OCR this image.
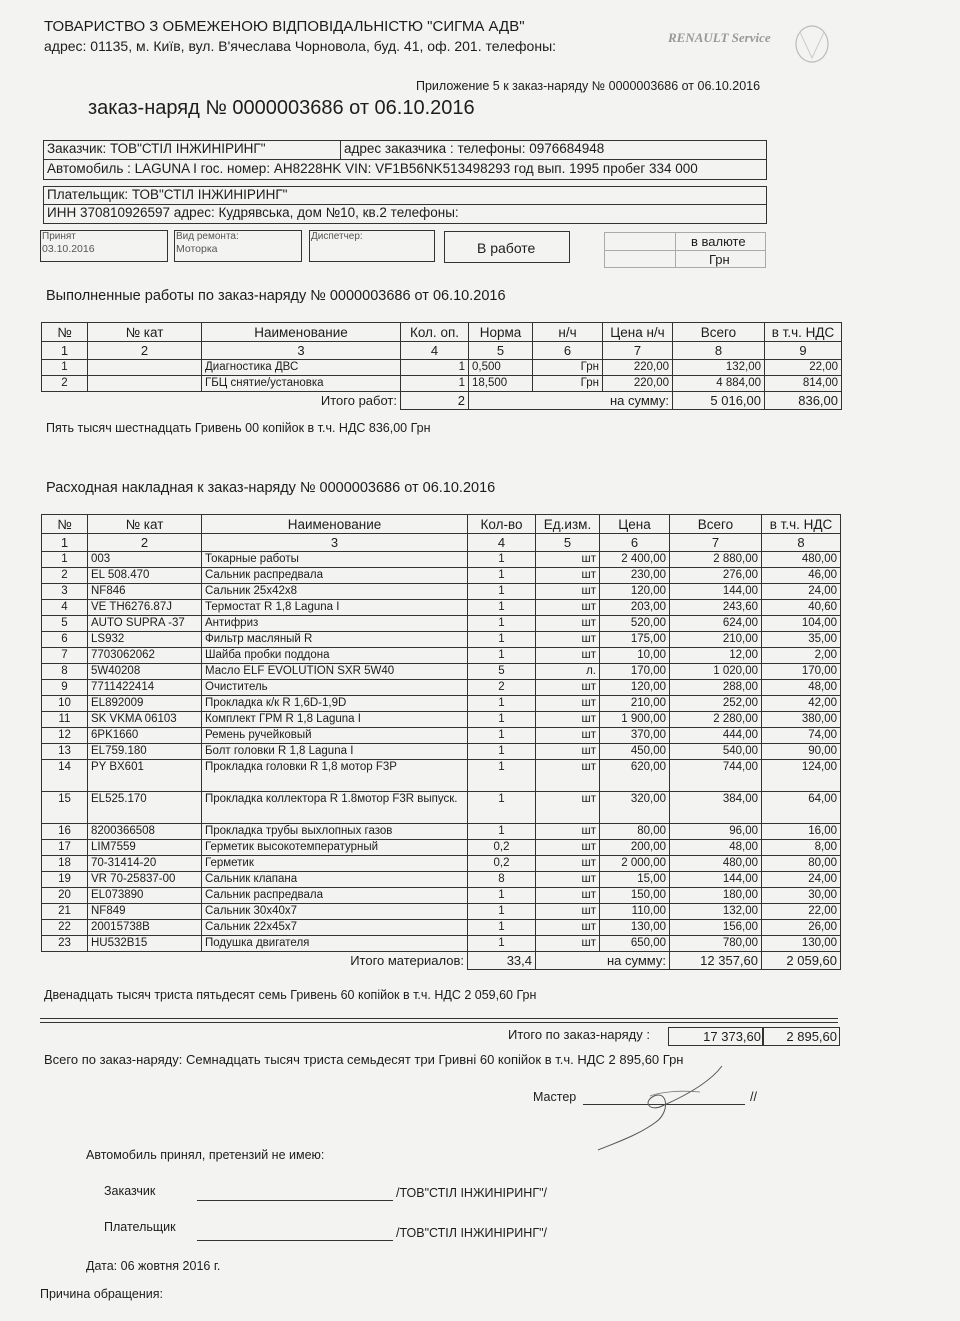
ТОВАРИСТВО З ОБМЕЖЕНОЮ ВІДПОВІДАЛЬНІСТЮ "СИГМА АДВ"
адрес: 01135, м. Київ, вул. В'ячеслава Чорновола, буд. 41, оф. 201. телефоны:
RENAULT Service
Приложение 5 к заказ-наряду № 0000003686 от 06.10.2016
заказ-наряд № 0000003686 от 06.10.2016
Заказчик: ТОВ"СТІЛ ІНЖИНІРИНГ"	адрес заказчика : телефоны: 0976684948
Автомобиль : LAGUNA I гос. номер: AH8228HK VIN: VF1B56NK513498293 год вып. 1995 пробег 334 000
Плательщик: ТОВ"СТІЛ ІНЖИНІРИНГ"
ИНН 370810926597 адрес: Кудрявська, дом №10, кв.2 телефоны:
Принят
03.10.2016
Вид ремонта:
Моторка
Диспетчер:
В работе	в валюте
Грн
Выполненные работы по заказ-наряду № 0000003686 от 06.10.2016
№	№ кат	Наименование	Кол. оп.	Норма	н/ч	Цена н/ч	Всего	в т.ч. НДС
1	2	3	4	5	6	7	8	9
1		Диагностика ДВС	1	0,500	Грн	220,00	132,00	22,00
2		ГБЦ снятие/установка	1	18,500	Грн	220,00	4 884,00	814,00
		Итого работ:	2	на сумму:			5 016,00	836,00
Пять тысяч шестнадцать Гривень 00 копійок в т.ч. НДС 836,00 Грн
Расходная накладная к заказ-наряду № 0000003686 от 06.10.2016
№	№ кат	Наименование	Кол-во	Ед.изм.	Цена	Всего	в т.ч. НДС
1	2	3	4	5	6	7	8
1	003	Токарные работы	1	шт	2 400,00	2 880,00	480,00
2	EL 508.470	Сальник распредвала	1	шт	230,00	276,00	46,00
3	NF846	Сальник 25x42x8	1	шт	120,00	144,00	24,00
4	VE TH6276.87J	Термостат R 1,8 Laguna I	1	шт	203,00	243,60	40,60
5	AUTO SUPRA -37	Антифриз	1	шт	520,00	624,00	104,00
6	LS932	Фильтр масляный R	1	шт	175,00	210,00	35,00
7	7703062062	Шайба пробки поддона	1	шт	10,00	12,00	2,00
8	5W40208	Масло ELF EVOLUTION SXR 5W40	5	л.	170,00	1 020,00	170,00
9	7711422414	Очиститель	2	шт	120,00	288,00	48,00
10	EL892009	Прокладка к/к R 1,6D-1,9D	1	шт	210,00	252,00	42,00
11	SK VKMA 06103	Комплект ГРМ R 1,8 Laguna I	1	шт	1 900,00	2 280,00	380,00
12	6PK1660	Ремень ручейковый	1	шт	370,00	444,00	74,00
13	EL759.180	Болт головки R 1,8 Laguna I	1	шт	450,00	540,00	90,00
14	PY BX601	Прокладка головки R 1,8 мотор F3P	1	шт	620,00	744,00	124,00
15	EL525.170	Прокладка коллектора R 1.8мотор F3R выпуск.	1	шт	320,00	384,00	64,00
16	8200366508	Прокладка трубы выхлопных газов	1	шт	80,00	96,00	16,00
17	LIM7559	Герметик высокотемпературный	0,2	шт	200,00	48,00	8,00
18	70-31414-20	Герметик	0,2	шт	2 000,00	480,00	80,00
19	VR 70-25837-00	Сальник клапана	8	шт	15,00	144,00	24,00
20	EL073890	Сальник распредвала	1	шт	150,00	180,00	30,00
21	NF849	Сальник 30x40x7	1	шт	110,00	132,00	22,00
22	20015738B	Сальник 22x45x7	1	шт	130,00	156,00	26,00
23	HU532B15	Подушка двигателя	1	шт	650,00	780,00	130,00
		Итого материалов:	33,4	на сумму:		12 357,60	2 059,60
Двенадцать тысяч триста пятьдесят семь Гривень 60 копійок в т.ч. НДС 2 059,60 Грн
Итого по заказ-наряду :	17 373,60 2 895,60
Всего по заказ-наряду: Семнадцать тысяч триста семьдесят три Гривні 60 копійок в т.ч. НДС 2 895,60 Грн
Мастер	//
Автомобиль принял, претензий не имею:
Заказчик	/ТОВ"СТІЛ ІНЖИНІРИНГ"/
Плательщик	/ТОВ"СТІЛ ІНЖИНІРИНГ"/
Дата: 06 жовтня 2016 г.
Причина обращения:
